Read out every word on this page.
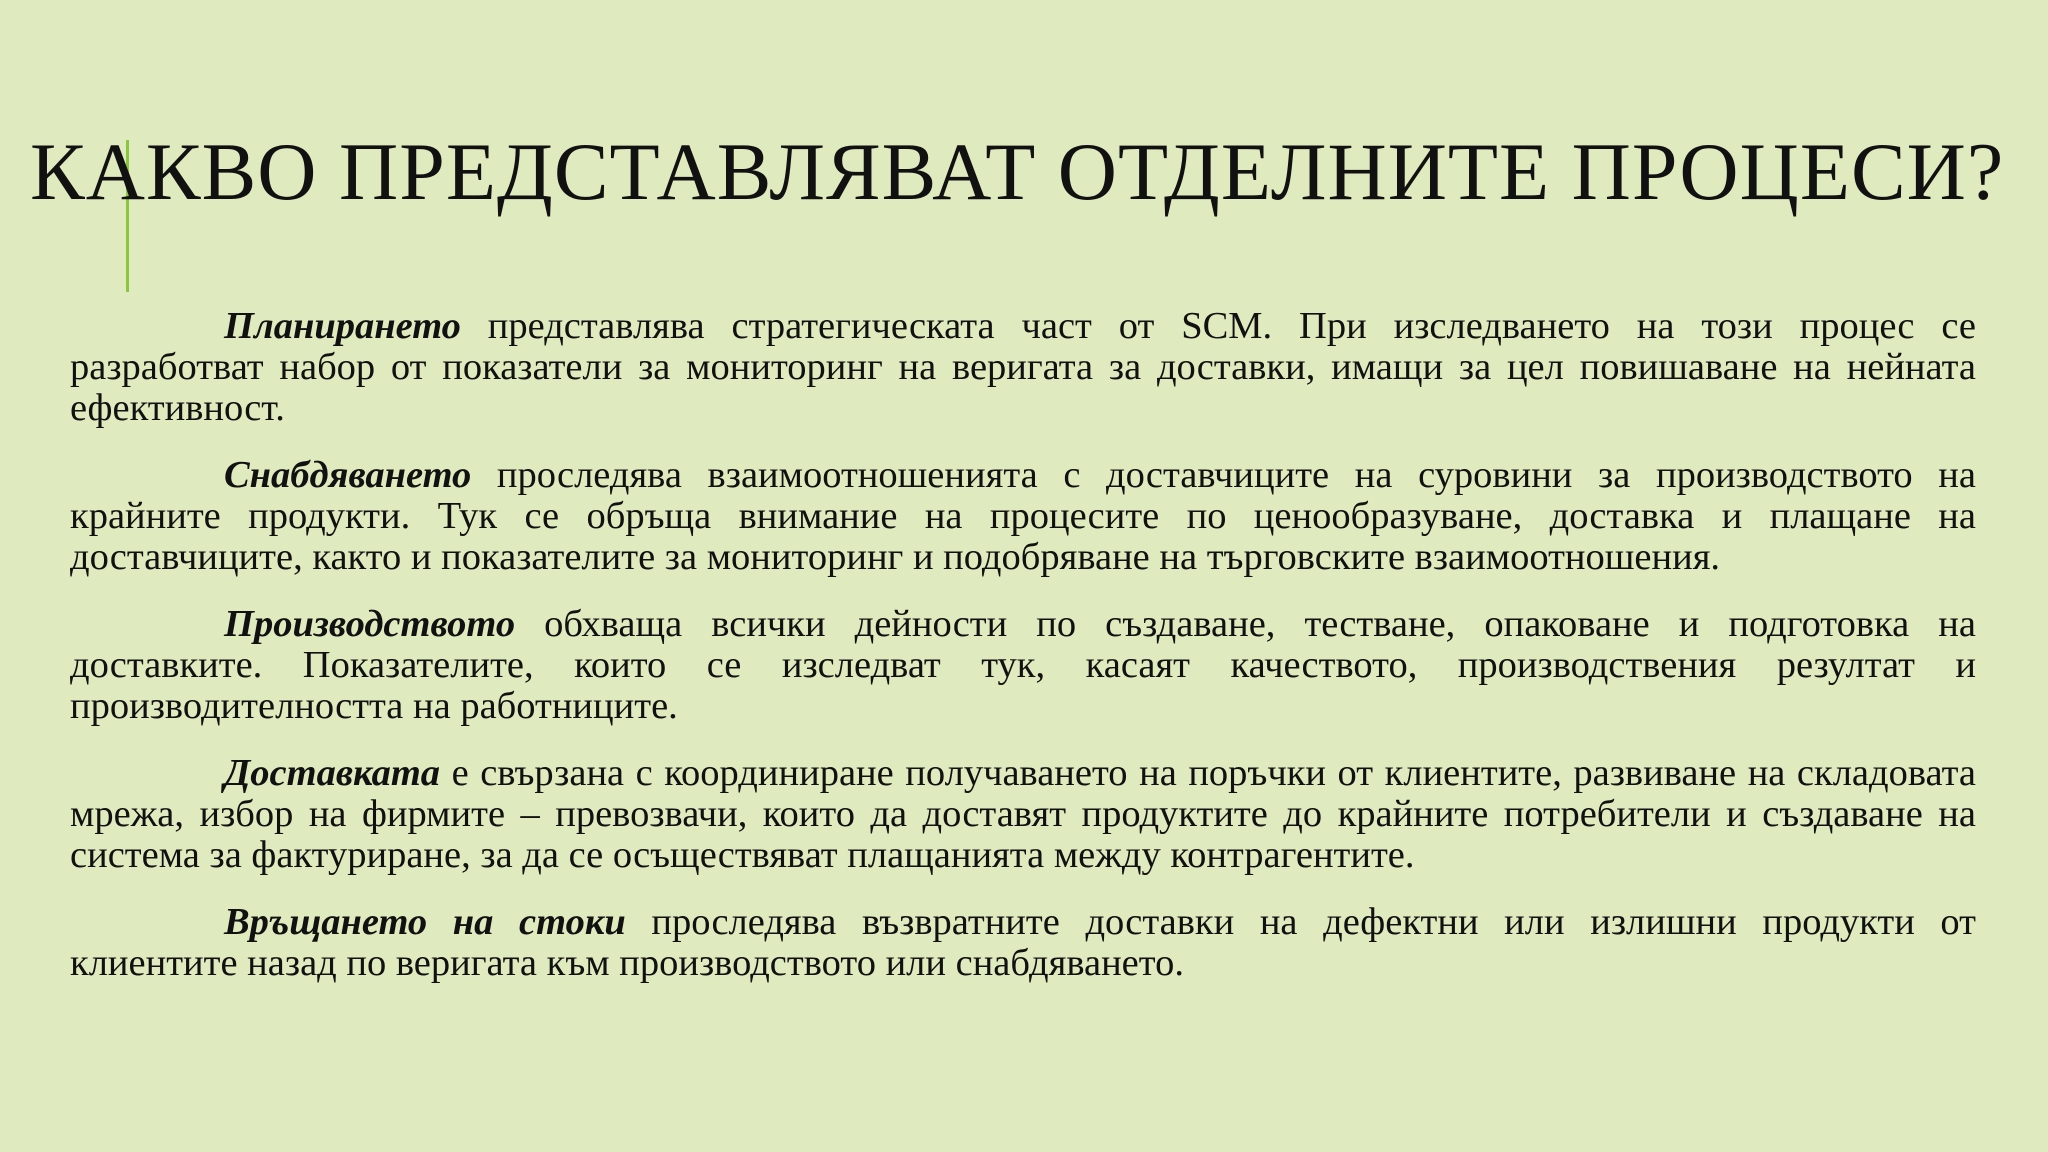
КАКВО ПРЕДСТАВЛЯВАТ ОТДЕЛНИТЕ ПРОЦЕСИ?

Планирането представлява стратегическата част от SCM. При изследването на този процес се разработват набор от показатели за мониторинг на веригата за доставки, имащи за цел повишаване на нейната ефективност.

Снабдяването проследява взаимоотношенията с доставчиците на суровини за производството на крайните продукти. Тук се обръща внимание на процесите по ценообразуване, доставка и плащане на доставчиците, както и показателите за мониторинг и подобряване на търговските взаимоотношения.

Производството обхваща всички дейности по създаване, тестване, опаковане и подготовка на доставките. Показателите, които се изследват тук, касаят качеството, производствения резултат и производителността на работниците.

Доставката е свързана с координиране получаването на поръчки от клиентите, развиване на складовата мрежа, избор на фирмите – превозвачи, които да доставят продуктите до крайните потребители и създаване на система за фактуриране, за да се осъществяват плащанията между контрагентите.

Връщането на стоки проследява възвратните доставки на дефектни или излишни продукти от клиентите назад по веригата към производството или снабдяването.
